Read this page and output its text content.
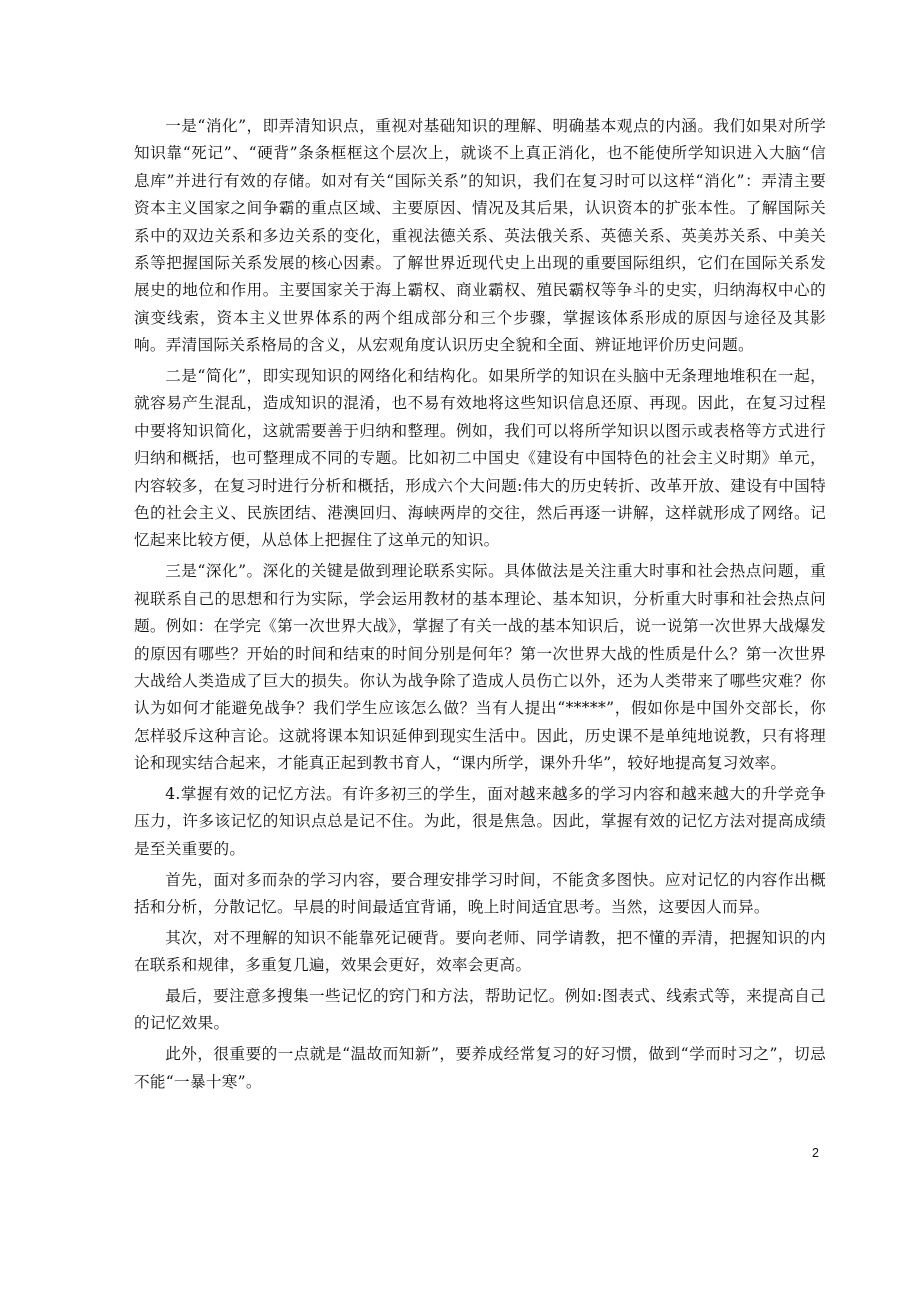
一是“消化”，即弄清知识点，重视对基础知识的理解、明确基本观点的内涵。我们如果对所学知识靠“死记”、“硬背”条条框框这个层次上，就谈不上真正消化，也不能使所学知识进入大脑“信息库”并进行有效的存储。如对有关“国际关系”的知识，我们在复习时可以这样“消化”：弄清主要资本主义国家之间争霸的重点区域、主要原因、情况及其后果，认识资本的扩张本性。了解国际关系中的双边关系和多边关系的变化，重视法德关系、英法俄关系、英德关系、英美苏关系、中美关系等把握国际关系发展的核心因素。了解世界近现代史上出现的重要国际组织，它们在国际关系发展史的地位和作用。主要国家关于海上霸权、商业霸权、殖民霸权等争斗的史实，归纳海权中心的演变线索，资本主义世界体系的两个组成部分和三个步骤，掌握该体系形成的原因与途径及其影响。弄清国际关系格局的含义，从宏观角度认识历史全貌和全面、辨证地评价历史问题。

二是“简化”，即实现知识的网络化和结构化。如果所学的知识在头脑中无条理地堆积在一起，就容易产生混乱，造成知识的混淆，也不易有效地将这些知识信息还原、再现。因此，在复习过程中要将知识简化，这就需要善于归纳和整理。例如，我们可以将所学知识以图示或表格等方式进行归纳和概括，也可整理成不同的专题。比如初二中国史《建设有中国特色的社会主义时期》单元，内容较多，在复习时进行分析和概括，形成六个大问题:伟大的历史转折、改革开放、建设有中国特色的社会主义、民族团结、港澳回归、海峡两岸的交往，然后再逐一讲解，这样就形成了网络。记忆起来比较方便，从总体上把握住了这单元的知识。

三是“深化”。深化的关键是做到理论联系实际。具体做法是关注重大时事和社会热点问题，重视联系自己的思想和行为实际，学会运用教材的基本理论、基本知识，分析重大时事和社会热点问题。例如：在学完《第一次世界大战》，掌握了有关一战的基本知识后，说一说第一次世界大战爆发的原因有哪些？开始的时间和结束的时间分别是何年？第一次世界大战的性质是什么？第一次世界大战给人类造成了巨大的损失。你认为战争除了造成人员伤亡以外，还为人类带来了哪些灾难？你认为如何才能避免战争？我们学生应该怎么做？当有人提出“*****”，假如你是中国外交部长，你怎样驳斥这种言论。这就将课本知识延伸到现实生活中。因此，历史课不是单纯地说教，只有将理论和现实结合起来，才能真正起到教书育人，“课内所学，课外升华”，较好地提高复习效率。

4.掌握有效的记忆方法。有许多初三的学生，面对越来越多的学习内容和越来越大的升学竞争压力，许多该记忆的知识点总是记不住。为此，很是焦急。因此，掌握有效的记忆方法对提高成绩是至关重要的。

首先，面对多而杂的学习内容，要合理安排学习时间，不能贪多图快。应对记忆的内容作出概括和分析，分散记忆。早晨的时间最适宜背诵，晚上时间适宜思考。当然，这要因人而异。

其次，对不理解的知识不能靠死记硬背。要向老师、同学请教，把不懂的弄清，把握知识的内在联系和规律，多重复几遍，效果会更好，效率会更高。

最后，要注意多搜集一些记忆的窍门和方法，帮助记忆。例如:图表式、线索式等，来提高自己的记忆效果。

此外，很重要的一点就是“温故而知新”，要养成经常复习的好习惯，做到“学而时习之”，切忌不能“一暴十寒”。

2
